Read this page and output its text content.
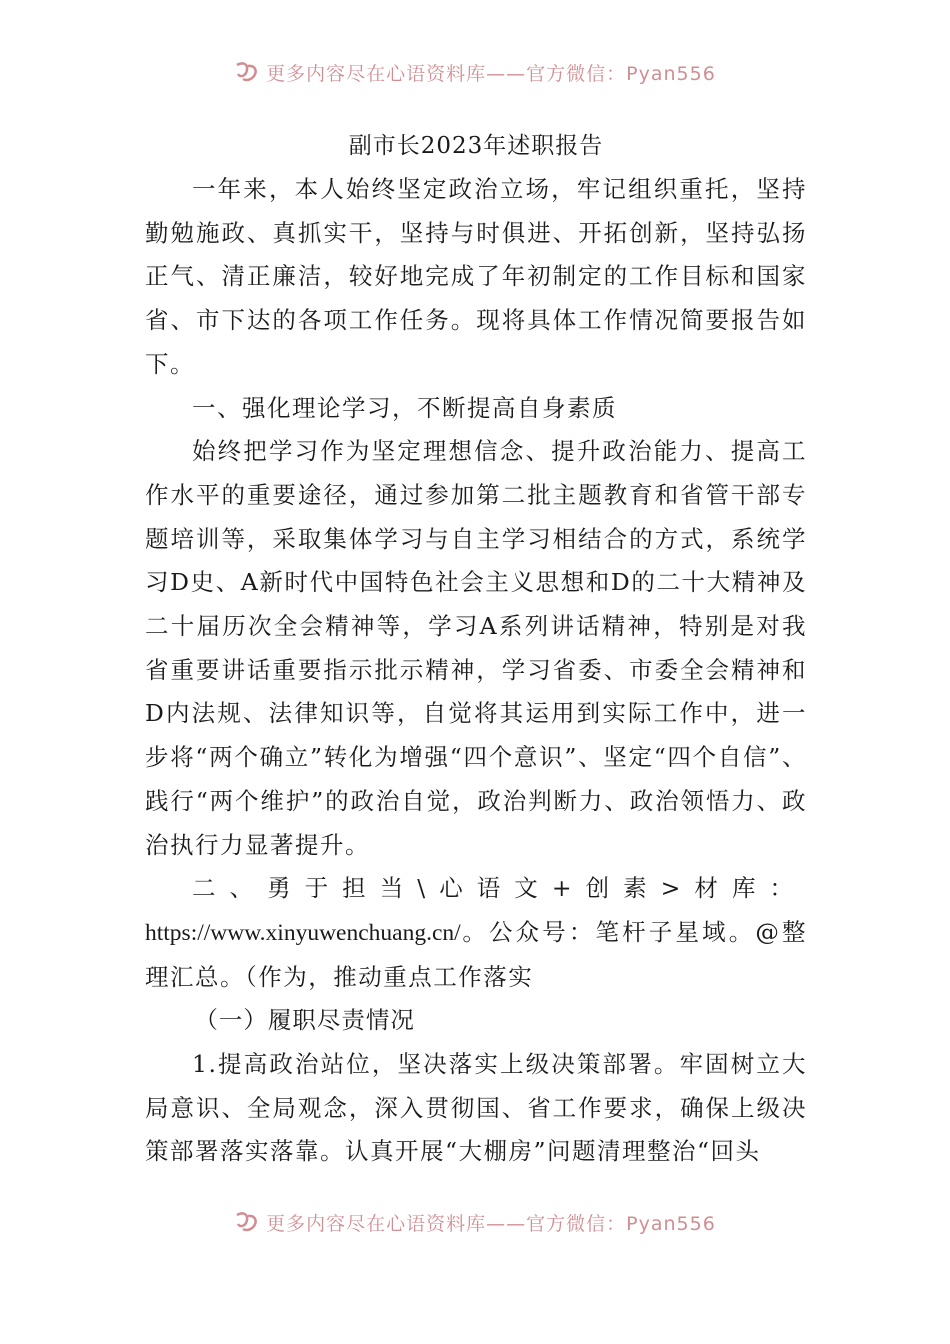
更多内容尽在心语资料库——官方微信：Pyan556
副市长2023年述职报告

一年来，本人始终坚定政治立场，牢记组织重托，坚持勤勉施政、真抓实干，坚持与时俱进、开拓创新，坚持弘扬正气、清正廉洁，较好地完成了年初制定的工作目标和国家省、市下达的各项工作任务。现将具体工作情况简要报告如下。

一、强化理论学习，不断提高自身素质

始终把学习作为坚定理想信念、提升政治能力、提高工作水平的重要途径，通过参加第二批主题教育和省管干部专题培训等，采取集体学习与自主学习相结合的方式，系统学习D史、A新时代中国特色社会主义思想和D的二十大精神及二十届历次全会精神等，学习A系列讲话精神，特别是对我省重要讲话重要指示批示精神，学习省委、市委全会精神和D内法规、法律知识等，自觉将其运用到实际工作中，进一步将“两个确立”转化为增强“四个意识”、坚定“四个自信”、践行“两个维护”的政治自觉，政治判断力、政治领悟力、政治执行力显著提升。

二、勇于担当\心语文+创素>材库：https://www.xinyuwenchuang.cn/。公众号：笔杆子星域。@整理汇总。（作为，推动重点工作落实

（一）履职尽责情况

1.提高政治站位，坚决落实上级决策部署。牢固树立大局意识、全局观念，深入贯彻国、省工作要求，确保上级决策部署落实落靠。认真开展“大棚房”问题清理整治“回头

更多内容尽在心语资料库——官方微信：Pyan556
